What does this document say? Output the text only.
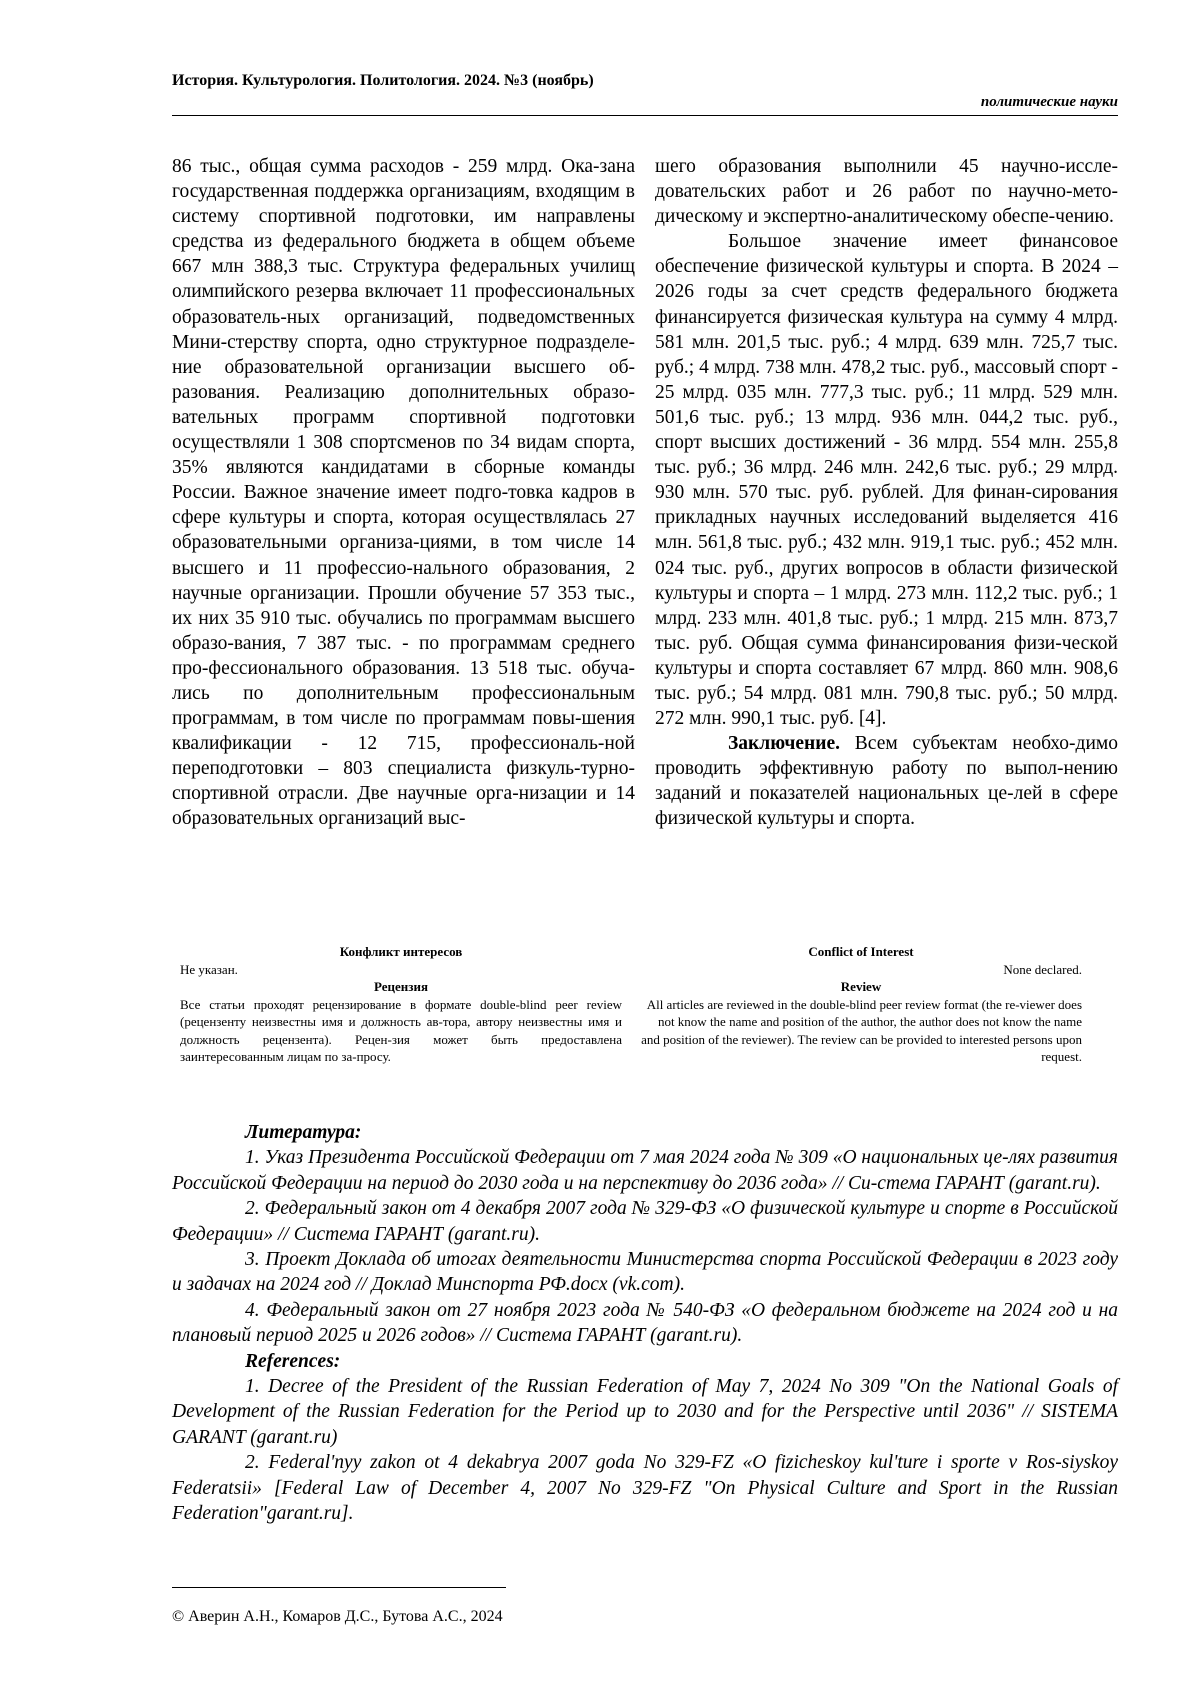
История. Культурология. Политология. 2024. №3 (ноябрь)
политические науки

86 тыс., общая сумма расходов - 259 млрд. Ока-зана государственная поддержка организациям, входящим в систему спортивной подготовки, им направлены средства из федерального бюджета в общем объеме 667 млн 388,3 тыс. Структура федеральных училищ олимпийского резерва включает 11 профессиональных образователь-ных организаций, подведомственных Мини-стерству спорта, одно структурное подразделе-ние образовательной организации высшего об-разования. Реализацию дополнительных образо-вательных программ спортивной подготовки осуществляли 1 308 спортсменов по 34 видам спорта, 35% являются кандидатами в сборные команды России. Важное значение имеет подго-товка кадров в сфере культуры и спорта, которая осуществлялась 27 образовательными организа-циями, в том числе 14 высшего и 11 профессио-нального образования, 2 научные организации. Прошли обучение 57 353 тыс., их них 35 910 тыс. обучались по программам высшего образо-вания, 7 387 тыс. - по программам среднего про-фессионального образования. 13 518 тыс. обуча-лись по дополнительным профессиональным программам, в том числе по программам повы-шения квалификации - 12 715, профессиональ-ной переподготовки – 803 специалиста физкуль-турно-спортивной отрасли. Две научные орга-низации и 14 образовательных организаций выс-

шего образования выполнили 45 научно-иссле-довательских работ и 26 работ по научно-мето-дическому и экспертно-аналитическому обеспе-чению.

Большое значение имеет финансовое обеспечение физической культуры и спорта. В 2024 – 2026 годы за счет средств федерального бюджета финансируется физическая культура на сумму 4 млрд. 581 млн. 201,5 тыс. руб.; 4 млрд. 639 млн. 725,7 тыс. руб.; 4 млрд. 738 млн. 478,2 тыс. руб., массовый спорт - 25 млрд. 035 млн. 777,3 тыс. руб.; 11 млрд. 529 млн. 501,6 тыс. руб.; 13 млрд. 936 млн. 044,2 тыс. руб., спорт высших достижений - 36 млрд. 554 млн. 255,8 тыс. руб.; 36 млрд. 246 млн. 242,6 тыс. руб.; 29 млрд. 930 млн. 570 тыс. руб. рублей. Для финан-сирования прикладных научных исследований выделяется 416 млн. 561,8 тыс. руб.; 432 млн. 919,1 тыс. руб.; 452 млн. 024 тыс. руб., других вопросов в области физической культуры и спорта – 1 млрд. 273 млн. 112,2 тыс. руб.; 1 млрд. 233 млн. 401,8 тыс. руб.; 1 млрд. 215 млн. 873,7 тыс. руб. Общая сумма финансирования физи-ческой культуры и спорта составляет 67 млрд. 860 млн. 908,6 тыс. руб.; 54 млрд. 081 млн. 790,8 тыс. руб.; 50 млрд. 272 млн. 990,1 тыс. руб. [4].

Заключение. Всем субъектам необхо-димо проводить эффективную работу по выпол-нению заданий и показателей национальных це-лей в сфере физической культуры и спорта.

Конфликт интересов
Не указан.
Рецензия
Все статьи проходят рецензирование в формате double-blind peer review (рецензенту неизвестны имя и должность ав-тора, автору неизвестны имя и должность рецензента). Рецен-зия может быть предоставлена заинтересованным лицам по за-просу.
Conflict of Interest
None declared.
Review
All articles are reviewed in the double-blind peer review format (the re-viewer does not know the name and position of the author, the author does not know the name and position of the reviewer). The review can be provided to interested persons upon request.

Литература:

1. Указ Президента Российской Федерации от 7 мая 2024 года № 309 «О национальных це-лях развития Российской Федерации на период до 2030 года и на перспективу до 2036 года» // Си-стема ГАРАНТ (garant.ru).

2. Федеральный закон от 4 декабря 2007 года № 329-ФЗ «О физической культуре и спорте в Российской Федерации» // Система ГАРАНТ (garant.ru).

3. Проект Доклада об итогах деятельности Министерства спорта Российской Федерации в 2023 году и задачах на 2024 год // Доклад Минспорта РФ.docx (vk.com).

4. Федеральный закон от 27 ноября 2023 года № 540-ФЗ «О федеральном бюджете на 2024 год и на плановый период 2025 и 2026 годов» // Система ГАРАНТ (garant.ru).

References:

1. Decree of the President of the Russian Federation of May 7, 2024 No 309 "On the National Goals of Development of the Russian Federation for the Period up to 2030 and for the Perspective until 2036" // SISTEMA GARANT (garant.ru)

2. Federal'nyy zakon ot 4 dekabrya 2007 goda No 329-FZ «O fizicheskoy kul'ture i sporte v Ros-siyskoy Federatsii» [Federal Law of December 4, 2007 No 329-FZ "On Physical Culture and Sport in the Russian Federation"garant.ru].

© Аверин А.Н., Комаров Д.С., Бутова А.С., 2024
